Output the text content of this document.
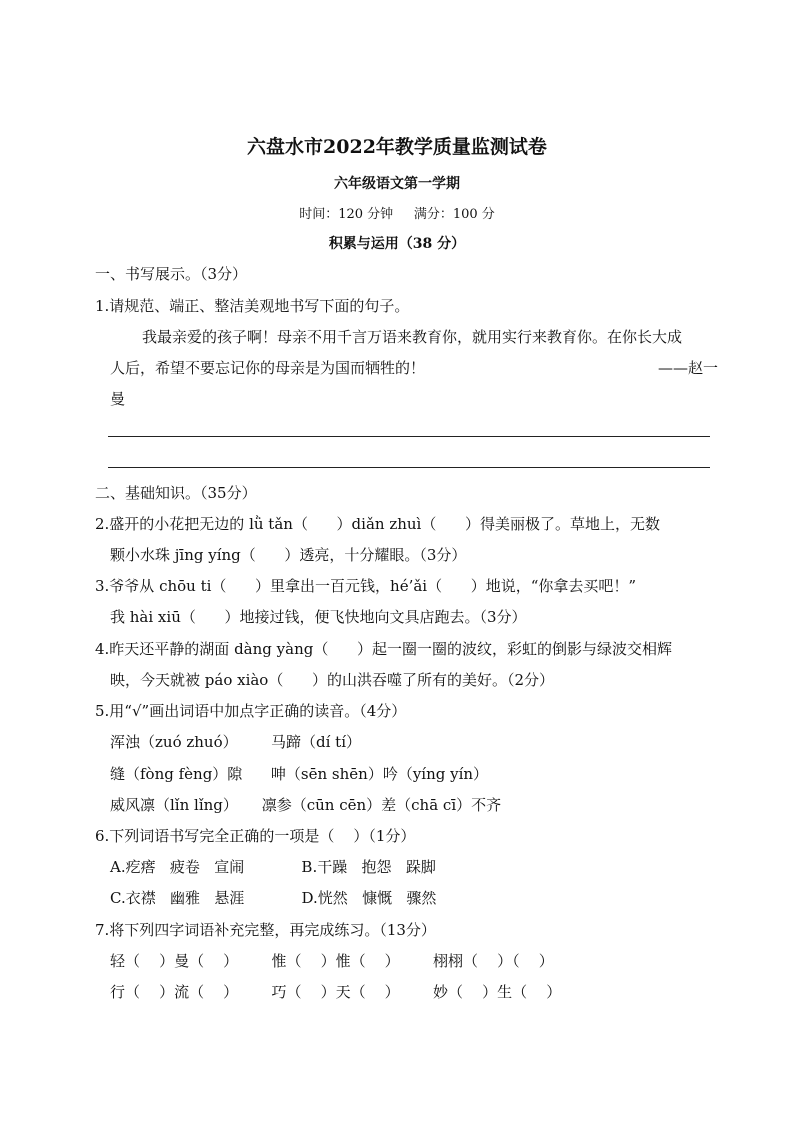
六盘水市2022年教学质量监测试卷
六年级语文第一学期
时间：120 分钟     满分：100 分
积累与运用（38 分）
一、书写展示。（3分）
1.请规范、端正、整洁美观地书写下面的句子。
我最亲爱的孩子啊！母亲不用千言万语来教育你，就用实行来教育你。在你长大成
人后，希望不要忘记你的母亲是为国而牺牲的！	——赵一
曼
二、基础知识。（35分）
2.盛开的小花把无边的 lǜ tǎn（      ）diǎn zhuì（      ）得美丽极了。草地上，无数
颗小水珠 jīng yíng（      ）透亮，十分耀眼。（3分）
3.爷爷从 chōu ti（      ）里拿出一百元钱，hé’ǎi（      ）地说，“你拿去买吧！”
我 hài xiū（      ）地接过钱，便飞快地向文具店跑去。（3分）
4.昨天还平静的湖面 dàng yàng（      ）起一圈一圈的波纹，彩虹的倒影与绿波交相辉
映，今天就被 páo xiào（      ）的山洪吞噬了所有的美好。（2分）
5.用“√”画出词语中加点字正确的读音。（4分）
浑浊（zuó zhuó）       马蹄（dí tí）
缝（fòng fèng）隙      呻（sēn shēn）吟（yíng yín）
威风凛（lǐn lǐng）     凛参（cūn cēn）差（chā cī）不齐
6.下列词语书写完全正确的一项是（    ）（1分）
A.疙瘩   疲卷   宣闹            B.干躁   抱怨   跺脚
C.衣襟   幽雅   悬涯            D.恍然   慷慨   骤然
7.将下列四字词语补充完整，再完成练习。（13分）
轻（    ）曼（    ）       惟（    ）惟（    ）       栩栩（    ）（    ）
行（    ）流（    ）       巧（    ）天（    ）       妙（    ）生（    ）
